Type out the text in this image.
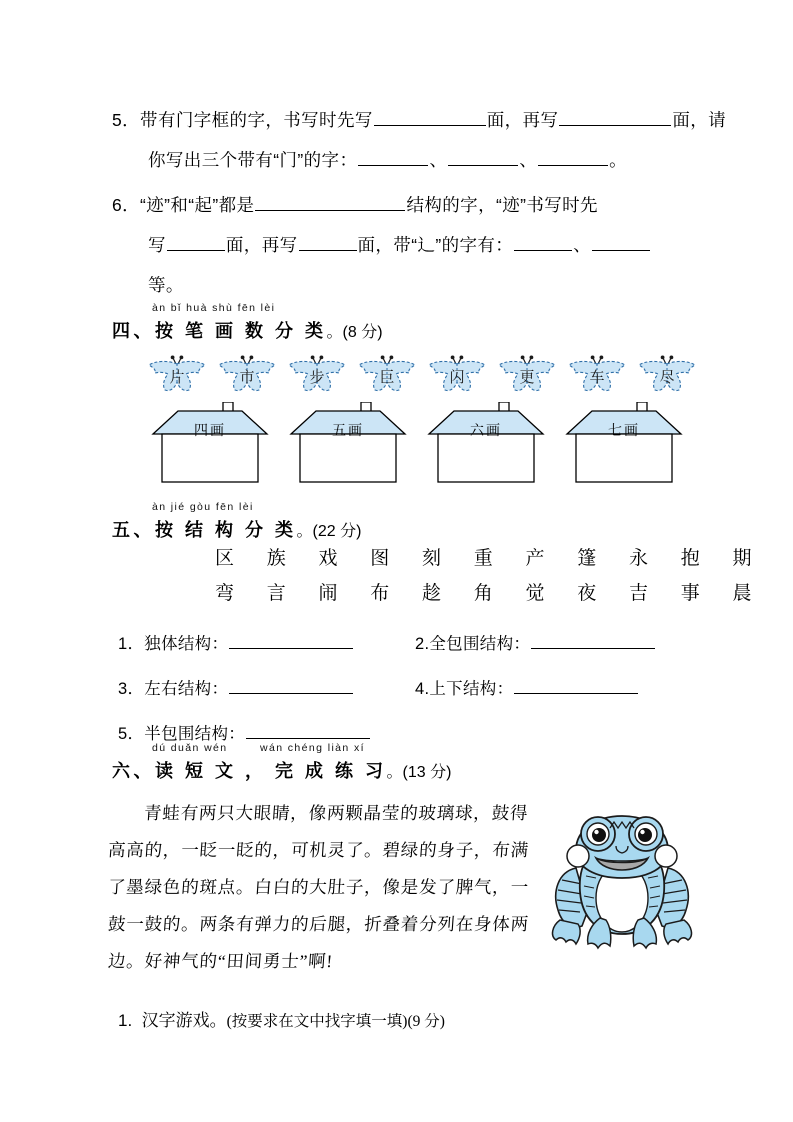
5．带有门字框的字，书写时先写	面，再写	面，请
你写出三个带有“门”的字：	、	、	。
6．“迹”和“起”都是	结构的字，“迹”书写时先
写	面，再写	面，带“辶”的字有：	、
等。
àn bǐ huà shù fēn lèi
四、按 笔 画 数 分 类。(8 分)
片	市	步	巨	闪	更	车	尽
四画	五画	六画	七画
àn jié gòu fēn lèi
五、按 结 构 分 类。(22 分)
区 族 戏 图 刻 重 产 篷 永 抱 期
弯 言 闹 布 趁 角 觉 夜 吉 事 晨
1．独体结构：	2.全包围结构：
3．左右结构：	4.上下结构：
5．半包围结构：
dú duǎn wén	wán chéng liàn xí
六、读 短 文 ， 完 成 练 习。(13 分)
青蛙有两只大眼睛，像两颗晶莹的玻璃球，鼓得
高高的，一眨一眨的，可机灵了。碧绿的身子，布满
了墨绿色的斑点。白白的大肚子，像是发了脾气，一
鼓一鼓的。两条有弹力的后腿，折叠着分列在身体两
边。好神气的“田间勇士”啊!
1. 汉字游戏。(按要求在文中找字填一填)(9 分)
